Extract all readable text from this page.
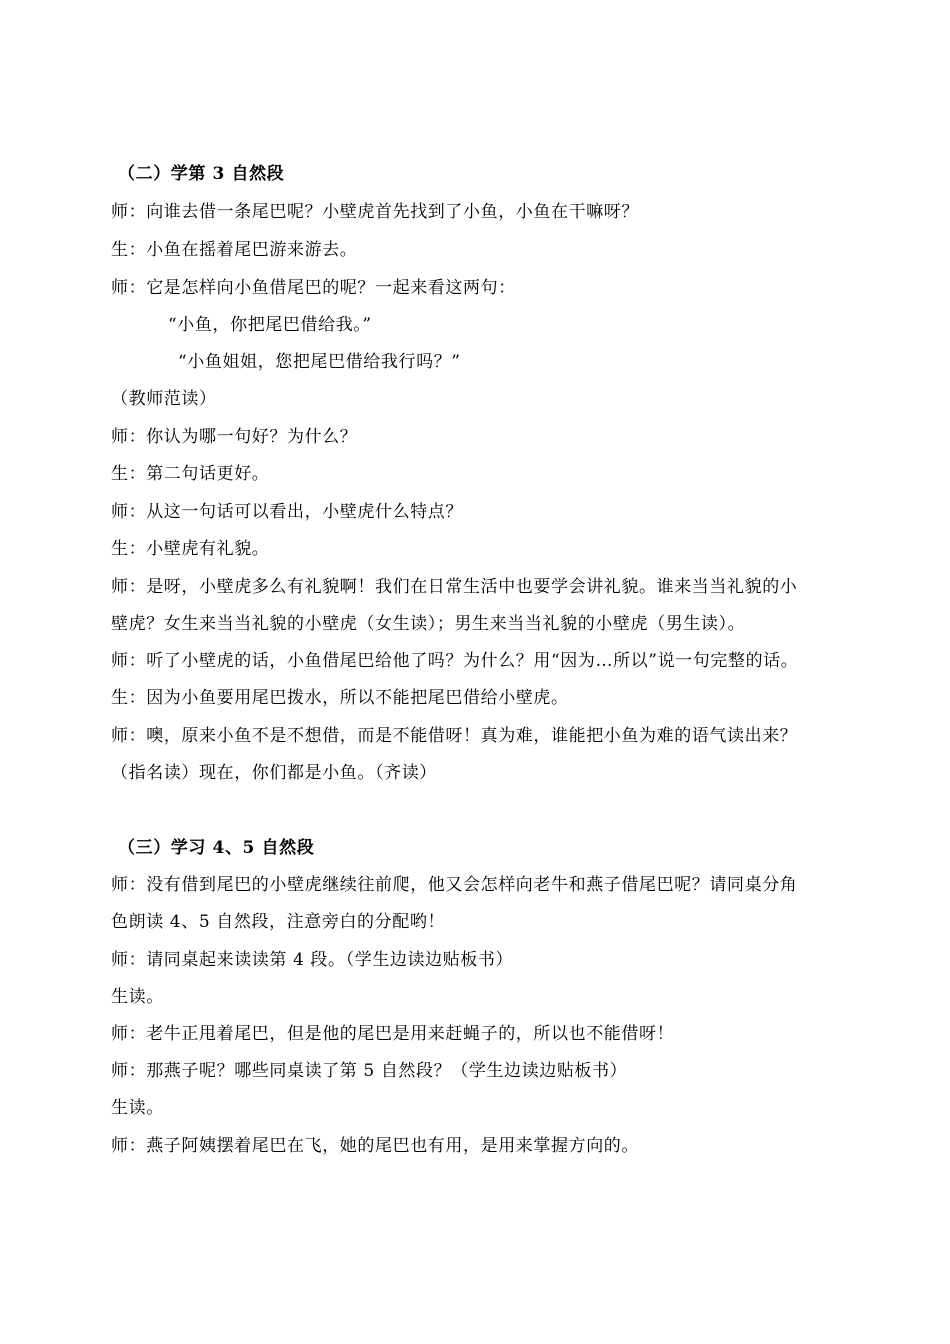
（二）学第 3 自然段
师：向谁去借一条尾巴呢？小壁虎首先找到了小鱼，小鱼在干嘛呀？
生：小鱼在摇着尾巴游来游去。
师：它是怎样向小鱼借尾巴的呢？一起来看这两句：
“小鱼，你把尾巴借给我。”
“小鱼姐姐，您把尾巴借给我行吗？”
（教师范读）
师：你认为哪一句好？为什么？
生：第二句话更好。
师：从这一句话可以看出，小壁虎什么特点？
生：小壁虎有礼貌。
师：是呀，小壁虎多么有礼貌啊！我们在日常生活中也要学会讲礼貌。谁来当当礼貌的小
壁虎？女生来当当礼貌的小壁虎（女生读）；男生来当当礼貌的小壁虎（男生读）。
师：听了小壁虎的话，小鱼借尾巴给他了吗？为什么？用“因为…所以”说一句完整的话。
生：因为小鱼要用尾巴拨水，所以不能把尾巴借给小壁虎。
师：噢，原来小鱼不是不想借，而是不能借呀！真为难，谁能把小鱼为难的语气读出来？
（指名读）现在，你们都是小鱼。（齐读）
（三）学习 4、5 自然段
师：没有借到尾巴的小壁虎继续往前爬，他又会怎样向老牛和燕子借尾巴呢？请同桌分角
色朗读 4、5 自然段，注意旁白的分配哟！
师：请同桌起来读读第 4 段。（学生边读边贴板书）
生读。
师：老牛正甩着尾巴，但是他的尾巴是用来赶蝇子的，所以也不能借呀！
师：那燕子呢？哪些同桌读了第 5 自然段？（学生边读边贴板书）
生读。
师：燕子阿姨摆着尾巴在飞，她的尾巴也有用，是用来掌握方向的。
